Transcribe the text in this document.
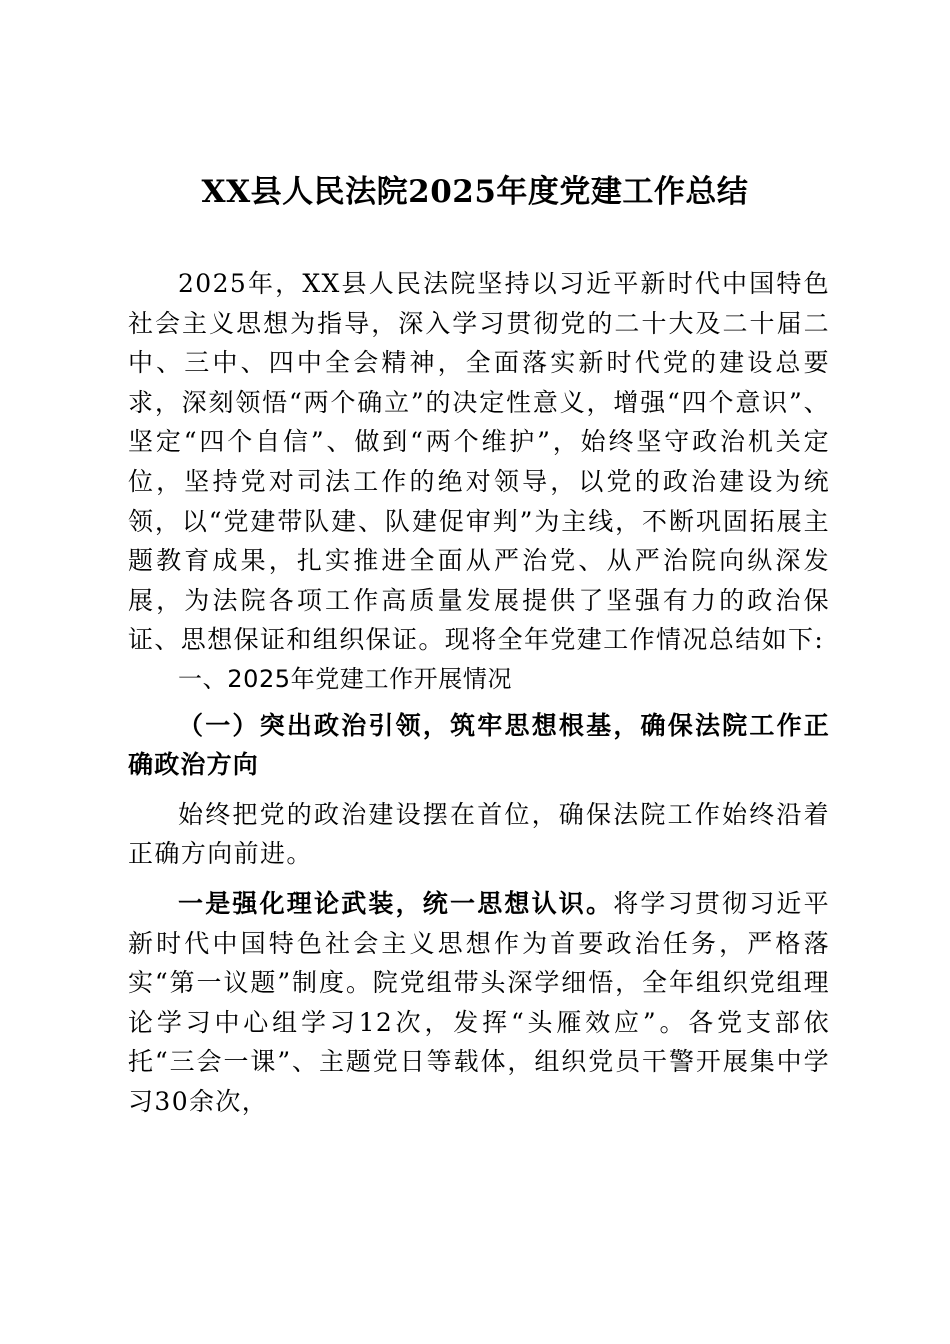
XX县人民法院2025年度党建工作总结

2025年，XX县人民法院坚持以习近平新时代中国特色社会主义思想为指导，深入学习贯彻党的二十大及二十届二中、三中、四中全会精神，全面落实新时代党的建设总要求，深刻领悟“两个确立”的决定性意义，增强“四个意识”、坚定“四个自信”、做到“两个维护”，始终坚守政治机关定位，坚持党对司法工作的绝对领导，以党的政治建设为统领，以“党建带队建、队建促审判”为主线，不断巩固拓展主题教育成果，扎实推进全面从严治党、从严治院向纵深发展，为法院各项工作高质量发展提供了坚强有力的政治保证、思想保证和组织保证。现将全年党建工作情况总结如下:

一、2025年党建工作开展情况

（一）突出政治引领，筑牢思想根基，确保法院工作正确政治方向

始终把党的政治建设摆在首位，确保法院工作始终沿着正确方向前进。

一是强化理论武装，统一思想认识。将学习贯彻习近平新时代中国特色社会主义思想作为首要政治任务，严格落实“第一议题”制度。院党组带头深学细悟，全年组织党组理论学习中心组学习12次，发挥“头雁效应”。各党支部依托“三会一课”、主题党日等载体，组织党员干警开展集中学习30余次，
